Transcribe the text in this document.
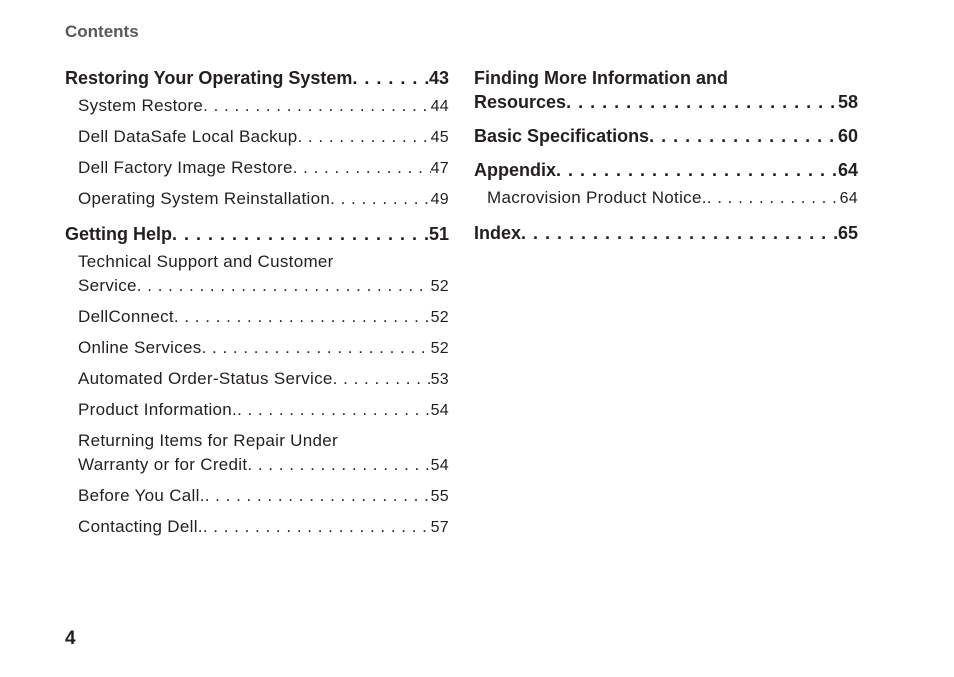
Contents
Restoring Your Operating System . . .	43
System Restore . . .	44
Dell DataSafe Local Backup . . .	45
Dell Factory Image Restore . . .	47
Operating System Reinstallation . . .	49
Getting Help . . .	51
Technical Support and Customer
Service . . .	52
DellConnect . . .	52
Online Services . . .	52
Automated Order-Status Service . . .	53
Product Information. . . .	54
Returning Items for Repair Under
Warranty or for Credit . . .	54
Before You Call. . . .	55
Contacting Dell. . . .	57
Finding More Information and
Resources . . .	58
Basic Specifications . . .	60
Appendix . . .	64
Macrovision Product Notice. . . .	64
Index . . .	65
4
